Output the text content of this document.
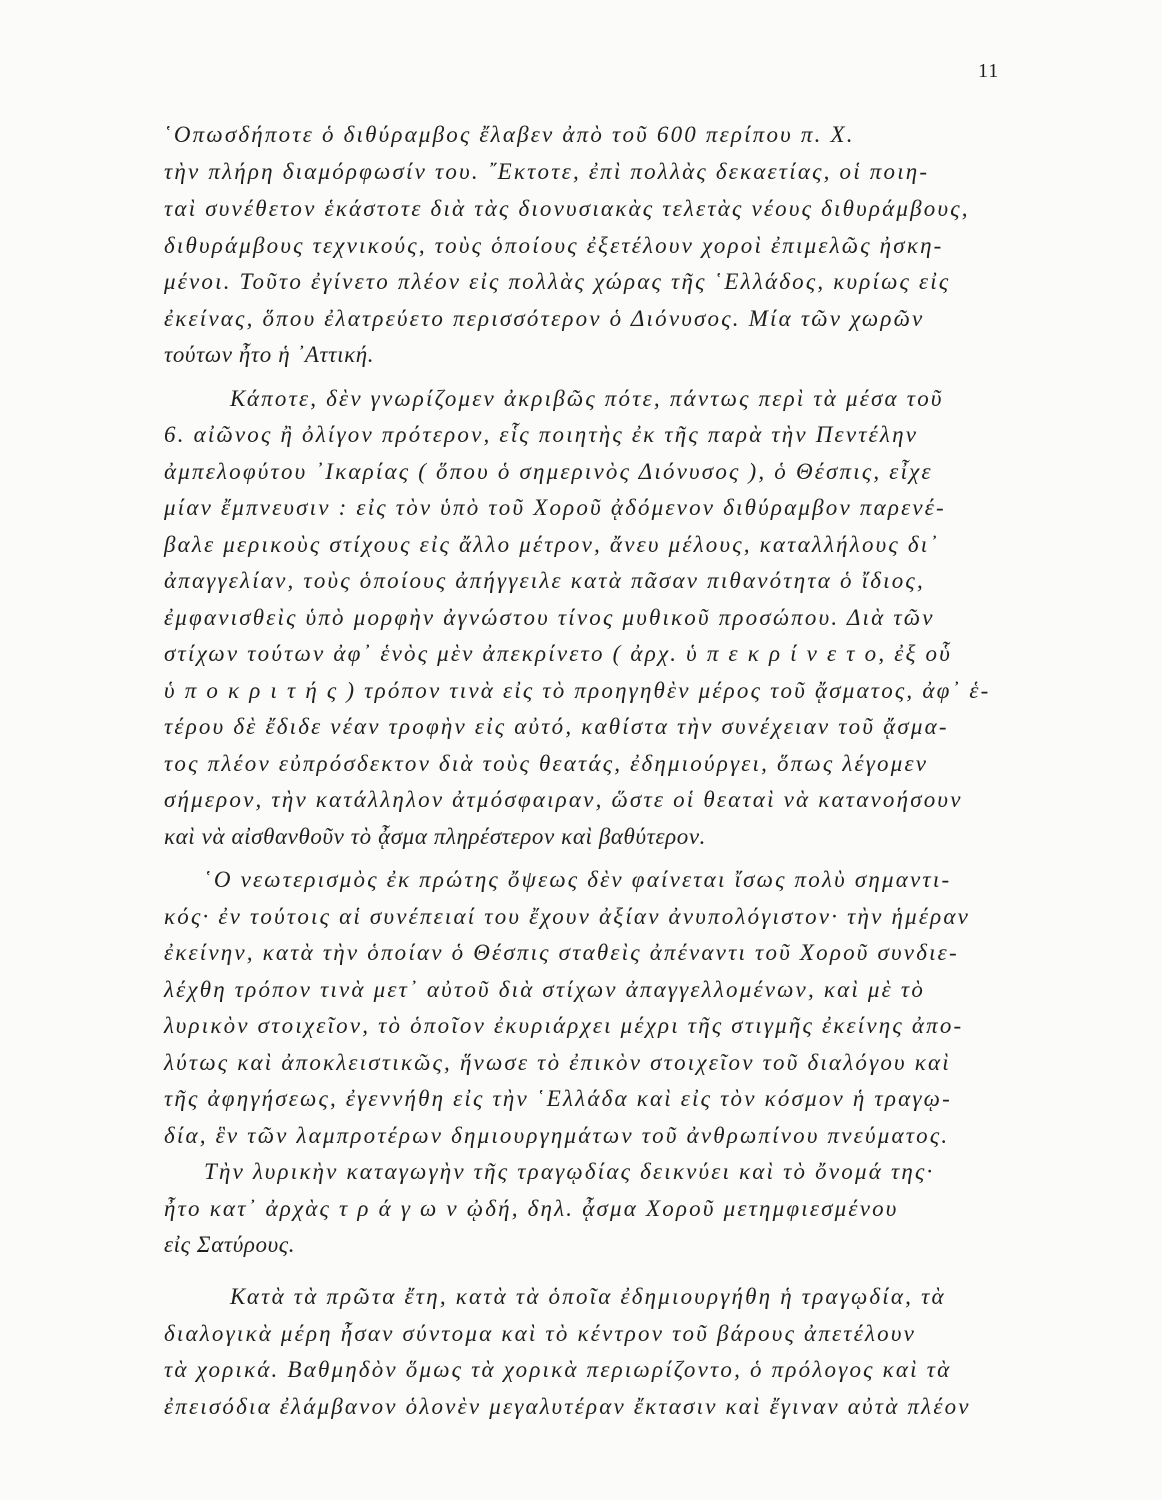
11
῾Οπωσδήποτε ὁ διθύραμβος ἔλαβεν ἀπὸ τοῦ 600 περίπου π. Χ.
τὴν πλήρη διαμόρφωσίν του. ῎Εκτοτε, ἐπὶ πολλὰς δεκαετίας, οἱ ποιη-
ταὶ συνέθετον ἑκάστοτε διὰ τὰς διονυσιακὰς τελετὰς νέους διθυράμβους,
διθυράμβους τεχνικούς, τοὺς ὁποίους ἐξετέλουν χοροὶ ἐπιμελῶς ἠσκη-
μένοι. Τοῦτο ἐγίνετο πλέον εἰς πολλὰς χώρας τῆς ῾Ελλάδος, κυρίως εἰς
ἐκείνας, ὅπου ἐλατρεύετο περισσότερον ὁ Διόνυσος. Μία τῶν χωρῶν
τούτων ἦτο ἡ ᾿Αττική.
Κάποτε, δὲν γνωρίζομεν ἀκριβῶς πότε, πάντως περὶ τὰ μέσα τοῦ
6. αἰῶνος ἢ ὀλίγον πρότερον, εἷς ποιητὴς ἐκ τῆς παρὰ τὴν Πεντέλην
ἀμπελοφύτου ᾿Ικαρίας ( ὅπου ὁ σημερινὸς Διόνυσος ), ὁ Θέσπις, εἶχε
μίαν ἔμπνευσιν : εἰς τὸν ὑπὸ τοῦ Χοροῦ ᾀδόμενον διθύραμβον παρενέ-
βαλε μερικοὺς στίχους εἰς ἄλλο μέτρον, ἄνευ μέλους, καταλλήλους δι᾿
ἀπαγγελίαν, τοὺς ὁποίους ἀπήγγειλε κατὰ πᾶσαν πιθανότητα ὁ ἴδιος,
ἐμφανισθεὶς ὑπὸ μορφὴν ἀγνώστου τίνος μυθικοῦ προσώπου. Διὰ τῶν
στίχων τούτων ἀφ᾿ ἑνὸς μὲν ἀπεκρίνετο ( ἀρχ. ὑ π ε κ ρ ί ν ε τ ο, ἐξ οὗ
ὑ π ο κ ρ ι τ ή ς ) τρόπον τινὰ εἰς τὸ προηγηθὲν μέρος τοῦ ᾄσματος, ἀφ᾿ ἑ-
τέρου δὲ ἔδιδε νέαν τροφὴν εἰς αὐτό, καθίστα τὴν συνέχειαν τοῦ ᾄσμα-
τος πλέον εὐπρόσδεκτον διὰ τοὺς θεατάς, ἐδημιούργει, ὅπως λέγομεν
σήμερον, τὴν κατάλληλον ἀτμόσφαιραν, ὥστε οἱ θεαταὶ νὰ κατανοήσουν
καὶ νὰ αἰσθανθοῦν τὸ ᾆσμα πληρέστερον καὶ βαθύτερον.
῾Ο νεωτερισμὸς ἐκ πρώτης ὄψεως δὲν φαίνεται ἴσως πολὺ σημαντι-
κός· ἐν τούτοις αἱ συνέπειαί του ἔχουν ἀξίαν ἀνυπολόγιστον· τὴν ἡμέραν
ἐκείνην, κατὰ τὴν ὁποίαν ὁ Θέσπις σταθεὶς ἀπέναντι τοῦ Χοροῦ συνδιε-
λέχθη τρόπον τινὰ μετ᾿ αὐτοῦ διὰ στίχων ἀπαγγελλομένων, καὶ μὲ τὸ
λυρικὸν στοιχεῖον, τὸ ὁποῖον ἐκυριάρχει μέχρι τῆς στιγμῆς ἐκείνης ἀπο-
λύτως καὶ ἀποκλειστικῶς, ἥνωσε τὸ ἐπικὸν στοιχεῖον τοῦ διαλόγου καὶ
τῆς ἀφηγήσεως, ἐγεννήθη εἰς τὴν ῾Ελλάδα καὶ εἰς τὸν κόσμον ἡ τραγῳ-
δία, ἓν τῶν λαμπροτέρων δημιουργημάτων τοῦ ἀνθρωπίνου πνεύματος.
Τὴν λυρικὴν καταγωγὴν τῆς τραγῳδίας δεικνύει καὶ τὸ ὄνομά της·
ἦτο κατ᾿ ἀρχὰς τ ρ ά γ ω ν ᾠδή, δηλ. ᾆσμα Χοροῦ μετημφιεσμένου
εἰς Σατύρους.
Κατὰ τὰ πρῶτα ἔτη, κατὰ τὰ ὁποῖα ἐδημιουργήθη ἡ τραγῳδία, τὰ
διαλογικὰ μέρη ἦσαν σύντομα καὶ τὸ κέντρον τοῦ βάρους ἀπετέλουν
τὰ χορικά. Βαθμηδὸν ὅμως τὰ χορικὰ περιωρίζοντο, ὁ πρόλογος καὶ τὰ
ἐπεισόδια ἐλάμβανον ὁλονὲν μεγαλυτέραν ἔκτασιν καὶ ἔγιναν αὐτὰ πλέον
